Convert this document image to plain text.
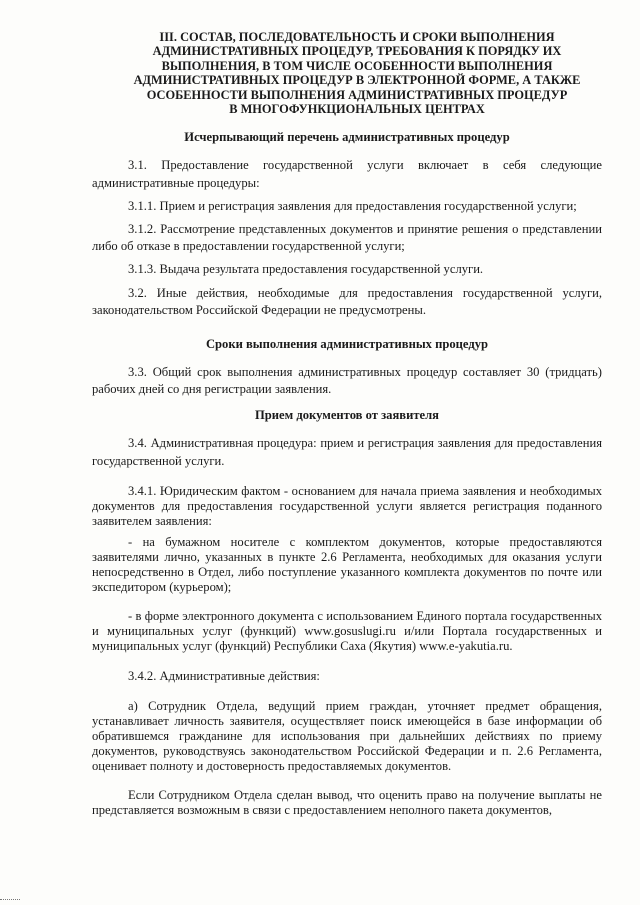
III. СОСТАВ, ПОСЛЕДОВАТЕЛЬНОСТЬ И СРОКИ ВЫПОЛНЕНИЯ
АДМИНИСТРАТИВНЫХ ПРОЦЕДУР, ТРЕБОВАНИЯ К ПОРЯДКУ ИХ
ВЫПОЛНЕНИЯ, В ТОМ ЧИСЛЕ ОСОБЕННОСТИ ВЫПОЛНЕНИЯ
АДМИНИСТРАТИВНЫХ ПРОЦЕДУР В ЭЛЕКТРОННОЙ ФОРМЕ, А ТАКЖЕ
ОСОБЕННОСТИ ВЫПОЛНЕНИЯ АДМИНИСТРАТИВНЫХ ПРОЦЕДУР
В МНОГОФУНКЦИОНАЛЬНЫХ ЦЕНТРАХ
Исчерпывающий перечень административных процедур

3.1. Предоставление государственной услуги включает в себя следующие административные процедуры:

3.1.1. Прием и регистрация заявления для предоставления государственной услуги;

3.1.2. Рассмотрение представленных документов и принятие решения о представлении либо об отказе в предоставлении государственной услуги;

3.1.3. Выдача результата предоставления государственной услуги.

3.2. Иные действия, необходимые для предоставления государственной услуги, законодательством Российской Федерации не предусмотрены.

Сроки выполнения административных процедур

3.3. Общий срок выполнения административных процедур составляет 30 (тридцать) рабочих дней со дня регистрации заявления.

Прием документов от заявителя

3.4. Административная процедура: прием и регистрация заявления для предоставления государственной услуги.

3.4.1. Юридическим фактом - основанием для начала приема заявления и необходимых документов для предоставления государственной услуги является регистрация поданного заявителем заявления:

- на бумажном носителе с комплектом документов, которые предоставляются заявителями лично, указанных в пункте 2.6 Регламента, необходимых для оказания услуги непосредственно в Отдел, либо поступление указанного комплекта документов по почте или экспедитором (курьером);

- в форме электронного документа с использованием Единого портала государственных и муниципальных услуг (функций) www.gosuslugi.ru и/или Портала государственных и муниципальных услуг (функций) Республики Саха (Якутия) www.e-yakutia.ru.

3.4.2. Административные действия:

а) Сотрудник Отдела, ведущий прием граждан, уточняет предмет обращения, устанавливает личность заявителя, осуществляет поиск имеющейся в базе информации об обратившемся гражданине для использования при дальнейших действиях по приему документов, руководствуясь законодательством Российской Федерации и п. 2.6 Регламента, оценивает полноту и достоверность предоставляемых документов.

Если Сотрудником Отдела сделан вывод, что оценить право на получение выплаты не представляется возможным в связи с предоставлением неполного пакета документов,
